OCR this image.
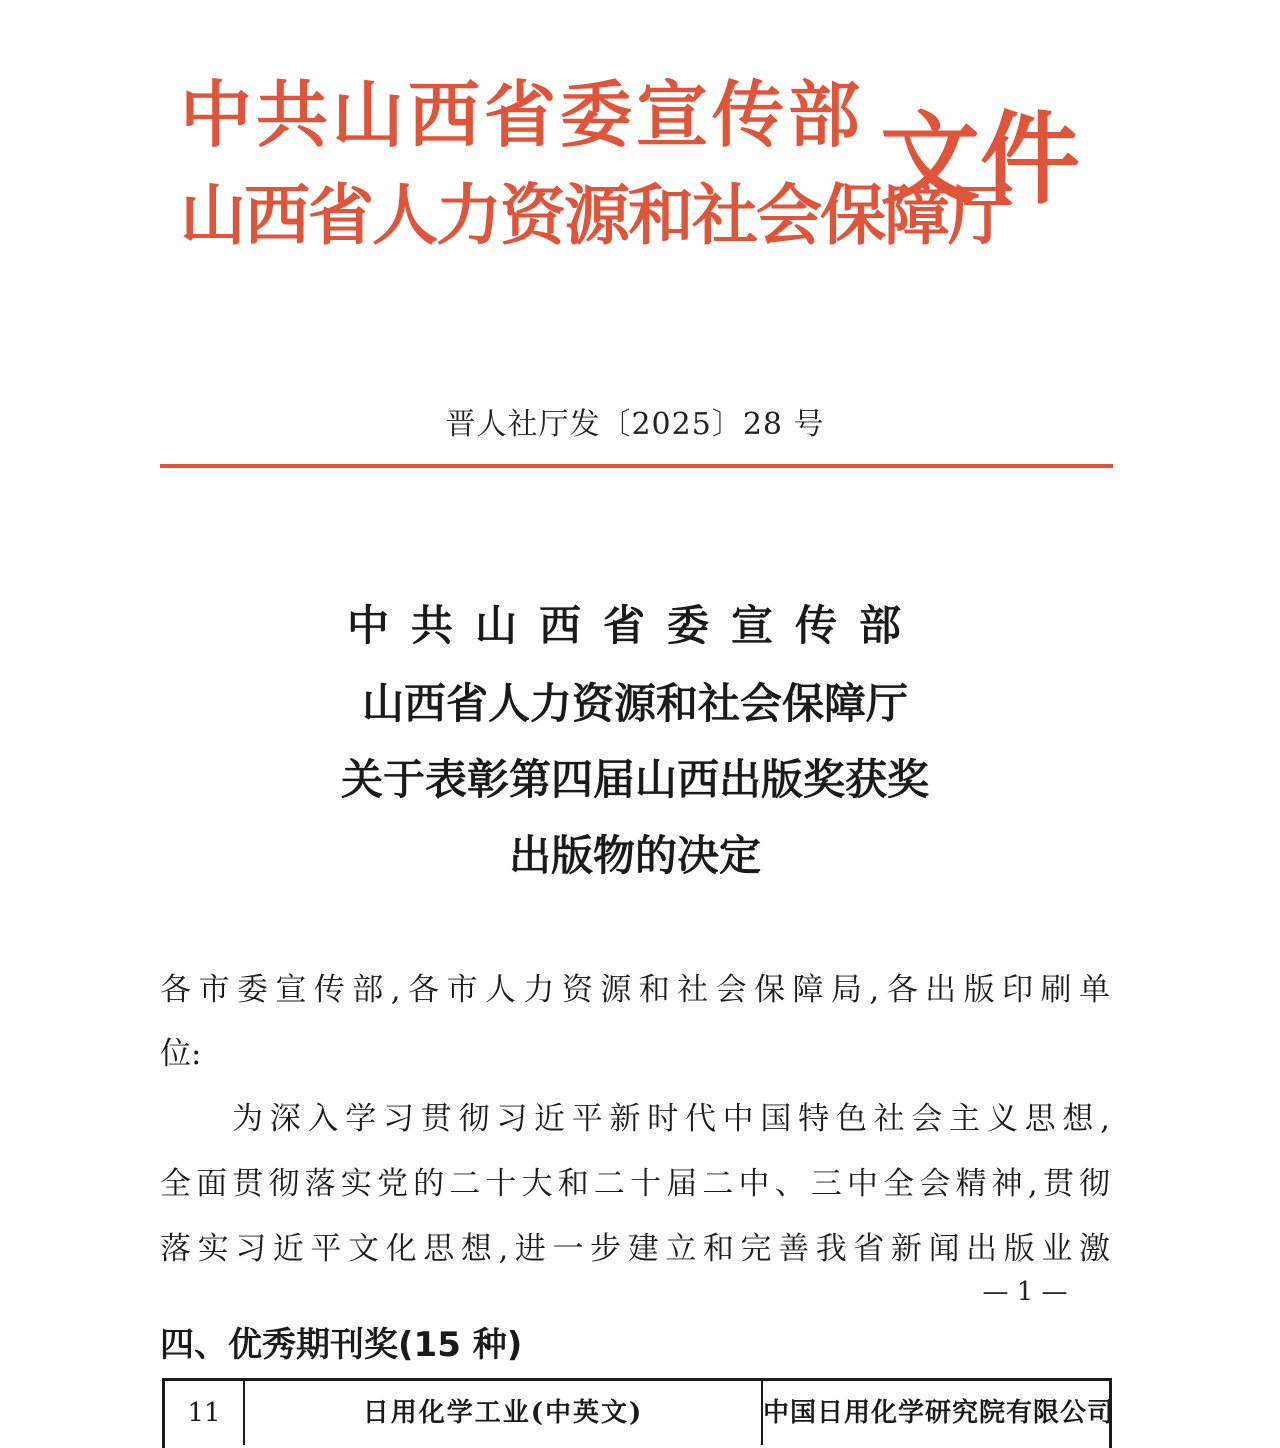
中共山西省委宣传部
山西省人力资源和社会保障厅
文件
晋人社厅发〔2025〕28 号
中共山西省委宣传部
山西省人力资源和社会保障厅
关于表彰第四届山西出版奖获奖
出版物的决定
各市委宣传部,各市人力资源和社会保障局,各出版印刷单
位:
为深入学习贯彻习近平新时代中国特色社会主义思想,
全面贯彻落实党的二十大和二十届二中、三中全会精神,贯彻
落实习近平文化思想,进一步建立和完善我省新闻出版业激
— 1 —
四、优秀期刊奖(15 种)
11	日用化学工业(中英文)	中国日用化学研究院有限公司
